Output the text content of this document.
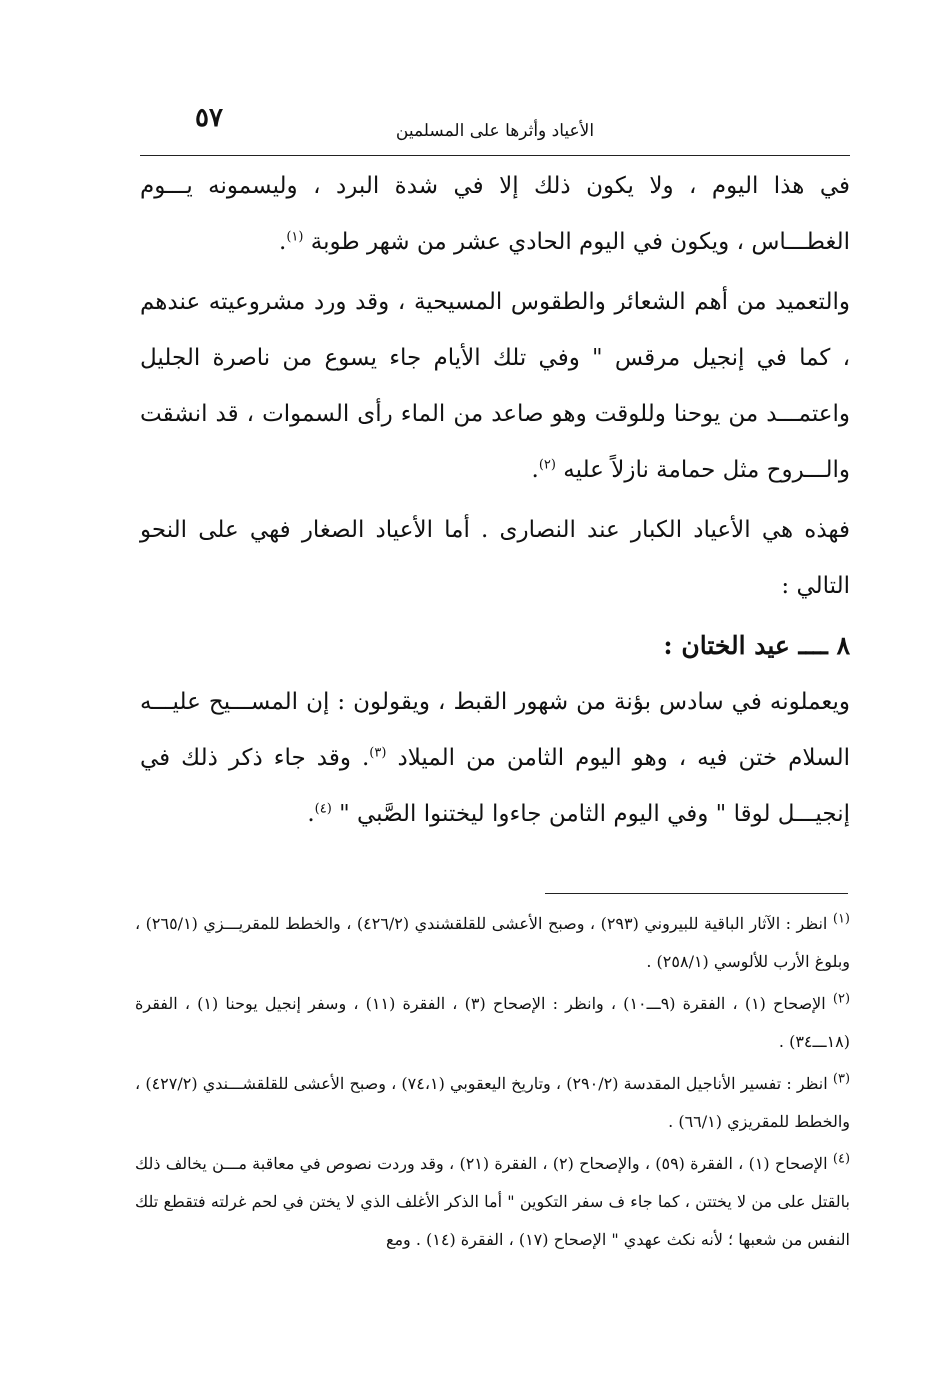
٥٧	الأعياد وأثرها على المسلمين

في هذا اليوم ، ولا يكون ذلك إلا في شدة البرد ، وليسمونه يـــوم الغطـــاس ، ويكون في اليوم الحادي عشر من شهر طوبة $^{(١)}$.

والتعميد من أهم الشعائر والطقوس المسيحية ، وقد ورد مشروعيته عندهم ، كما في إنجيل مرقس " وفي تلك الأيام جاء يسوع من ناصرة الجليل واعتمـــد من يوحنا وللوقت وهو صاعد من الماء رأى السموات ، قد انشقت والـــروح مثل حمامة نازلاً عليه $^{(٢)}$.

فهذه هي الأعياد الكبار عند النصارى . أما الأعياد الصغار فهي على النحو التالي :

٨ ــــ عيد الختان :

ويعملونه في سادس بؤنة من شهور القبط ، ويقولون : إن المســـيح عليـــه السلام ختن فيه ، وهو اليوم الثامن من الميلاد $^{(٣)}$. وقد جاء ذكر ذلك في إنجيـــل لوقا " وفي اليوم الثامن جاءوا ليختنوا الصَّبي " $^{(٤)}$.

$^{(١)}$ انظر : الآثار الباقية للبيروني (٢٩٣) ، وصبح الأعشى للقلقشندي (٤٢٦/٢) ، والخطط للمقريـــزي (٢٦٥/١) ، وبلوغ الأرب للألوسي (٢٥٨/١) .

$^{(٢)}$ الإصحاح (١) ، الفقرة (٩ـــ١٠) ، وانظر : الإصحاح (٣) ، الفقرة (١١) ، وسفر إنجيل يوحنا (١) ، الفقرة (١٨ـــ٣٤) .

$^{(٣)}$ انظر : تفسير الأناجيل المقدسة (٢٩٠/٢) ، وتاريخ اليعقوبي (٧٤،١) ، وصبح الأعشى للقلقشـــندي (٤٢٧/٢) ، والخطط للمقريزي (٦٦/١) .

$^{(٤)}$ الإصحاح (١) ، الفقرة (٥٩) ، والإصحاح (٢) ، الفقرة (٢١) ، وقد وردت نصوص في معاقبة مـــن يخالف ذلك بالقتل على من لا يختتن ، كما جاء ف سفر التكوين " أما الذكر الأغلف الذي لا يختن في لحم غرلته فتقطع تلك النفس من شعبها ؛ لأنه نكث عهدي " الإصحاح (١٧) ، الفقرة (١٤) . ومع
